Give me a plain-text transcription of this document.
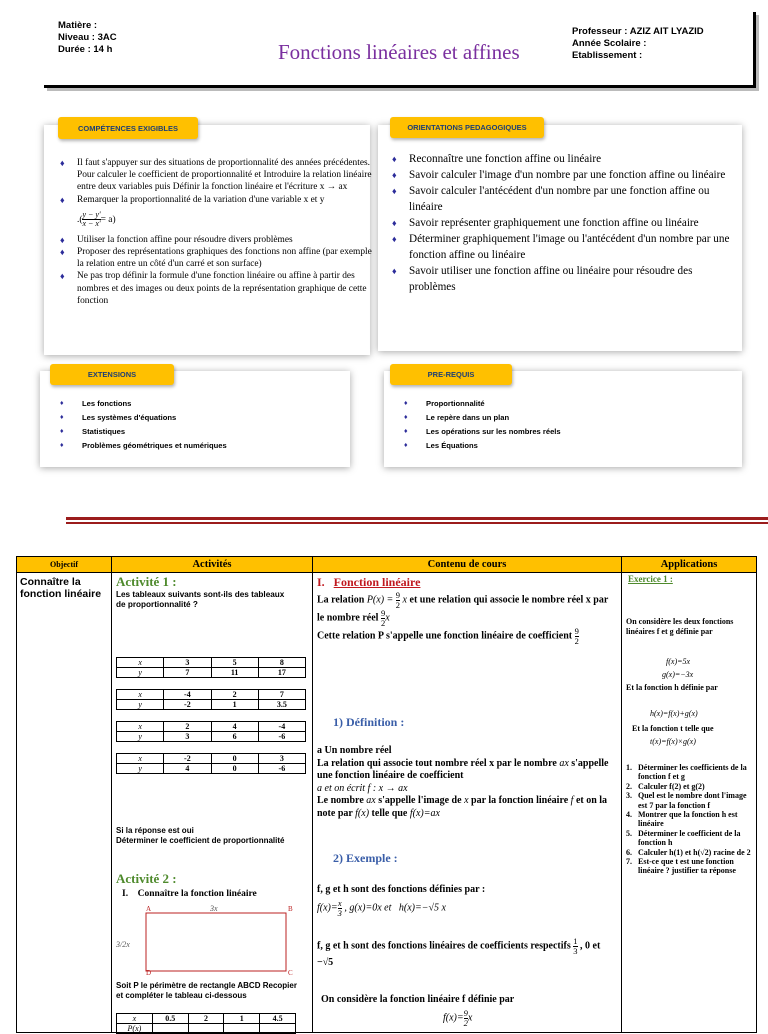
Matière :
Niveau : 3AC
Durée : 14 h	Fonctions linéaires et affines
Professeur : AZIZ AIT LYAZID
Année Scolaire :
Etablissement :
♦ Il faut s'appuyer sur des situations de proportionnalité des années précédentes. Pour calculer le coefficient de proportionnalité et Introduire la relation linéaire entre deux variables puis Définir la fonction linéaire et l'écriture x → ax
♦ Remarquer la proportionnalité de la variation d'une variable x et y
.( $\frac{y - y'}{x - x'} = a$)
♦ Utiliser la fonction affine pour résoudre divers problèmes
♦ Proposer des représentations graphiques des fonctions non affine (par exemple la relation entre un côté d'un carré et son surface)
♦ Ne pas trop définir la formule d'une fonction linéaire ou affine à partir des nombres et des images ou deux points de la représentation graphique de cette fonction
COMPÉTENCES EXIGIBLES
♦ Reconnaître une fonction affine ou linéaire
♦ Savoir calculer l'image d'un nombre par une fonction affine ou linéaire
♦ Savoir calculer l'antécédent d'un nombre par une fonction affine ou linéaire
♦ Savoir représenter graphiquement une fonction affine ou linéaire
♦ Déterminer graphiquement l'image ou l'antécédent d'un nombre par une fonction affine ou linéaire
♦ Savoir utiliser une fonction affine ou linéaire pour résoudre des problèmes
ORIENTATIONS PEDAGOGIQUES
♦ Les fonctions
♦ Les systèmes d'équations
♦ Statistiques
♦ Problèmes géométriques et numériques
EXTENSIONS
♦ Proportionnalité
♦ Le repère dans un plan
♦ Les opérations sur les nombres réels
♦ Les Équations
PRE-REQUIS
Objectif	Activités	Contenu de cours	Applications

Connaître la fonction linéaire

Activité 1 :
Les tableaux suivants sont-ils des tableaux de proportionnalité ?
x	3	5	8
y	7	11	17
x	-4	2	7
y	-2	1	3.5
x	2	4	-4
y	3	6	-6
x	-2	0	3
y	4	0	-6
Si la réponse est oui
Déterminer le coefficient de proportionnalité
Activité 2 :
I. Connaître la fonction linéaire
A	B
C
D
3x
3/2x
Soit P le périmètre de rectangle ABCD Recopier et compléter le tableau ci-dessous
x	0.5	2	1	4.5
P(x)				

I. Fonction linéaire
La relation $P(x) = \frac{9}{2}$ x et une relation qui associe le nombre réel x par le nombre réel $\frac{9}{2}$ x
Cette relation P s'appelle une fonction linéaire de coefficient $\frac{9}{2}$
1) Définition :
a Un nombre réel
La relation qui associe tout nombre réel x par le nombre ax s'appelle une fonction linéaire de coefficient
a et on écrit f : x → ax
Le nombre ax s'appelle l'image de x par la fonction linéaire f et on la note par f(x) telle que f(x)=ax
2) Exemple :
f, g et h sont des fonctions définies par :
$f(x)= \frac{x}{3}$ , g(x)=0x et h(x)=−√5 x
f, g et h sont des fonctions linéaires de coefficients respectifs $\frac{1}{3}$ , 0 et −√5
On considère la fonction linéaire f définie par
$f(x)= \frac{9}{2}$ x

Exercice 1 :
On considère les deux fonctions linéaires f et g définie par
f(x)=5x
g(x)=−3x
Et la fonction h définie par
h(x)=f(x)+g(x)
Et la fonction t telle que
t(x)=f(x)×g(x)
1. Déterminer les coefficients de la fonction f et g
2. Calculer f(2) et g(2)
3. Quel est le nombre dont l'image est 7 par la fonction f
4. Montrer que la fonction h est linéaire
5. Déterminer le coefficient de la fonction h
6. Calculer h(1) et h(√2) racine de 2
7. Est-ce que t est une fonction linéaire ? justifier ta réponse
